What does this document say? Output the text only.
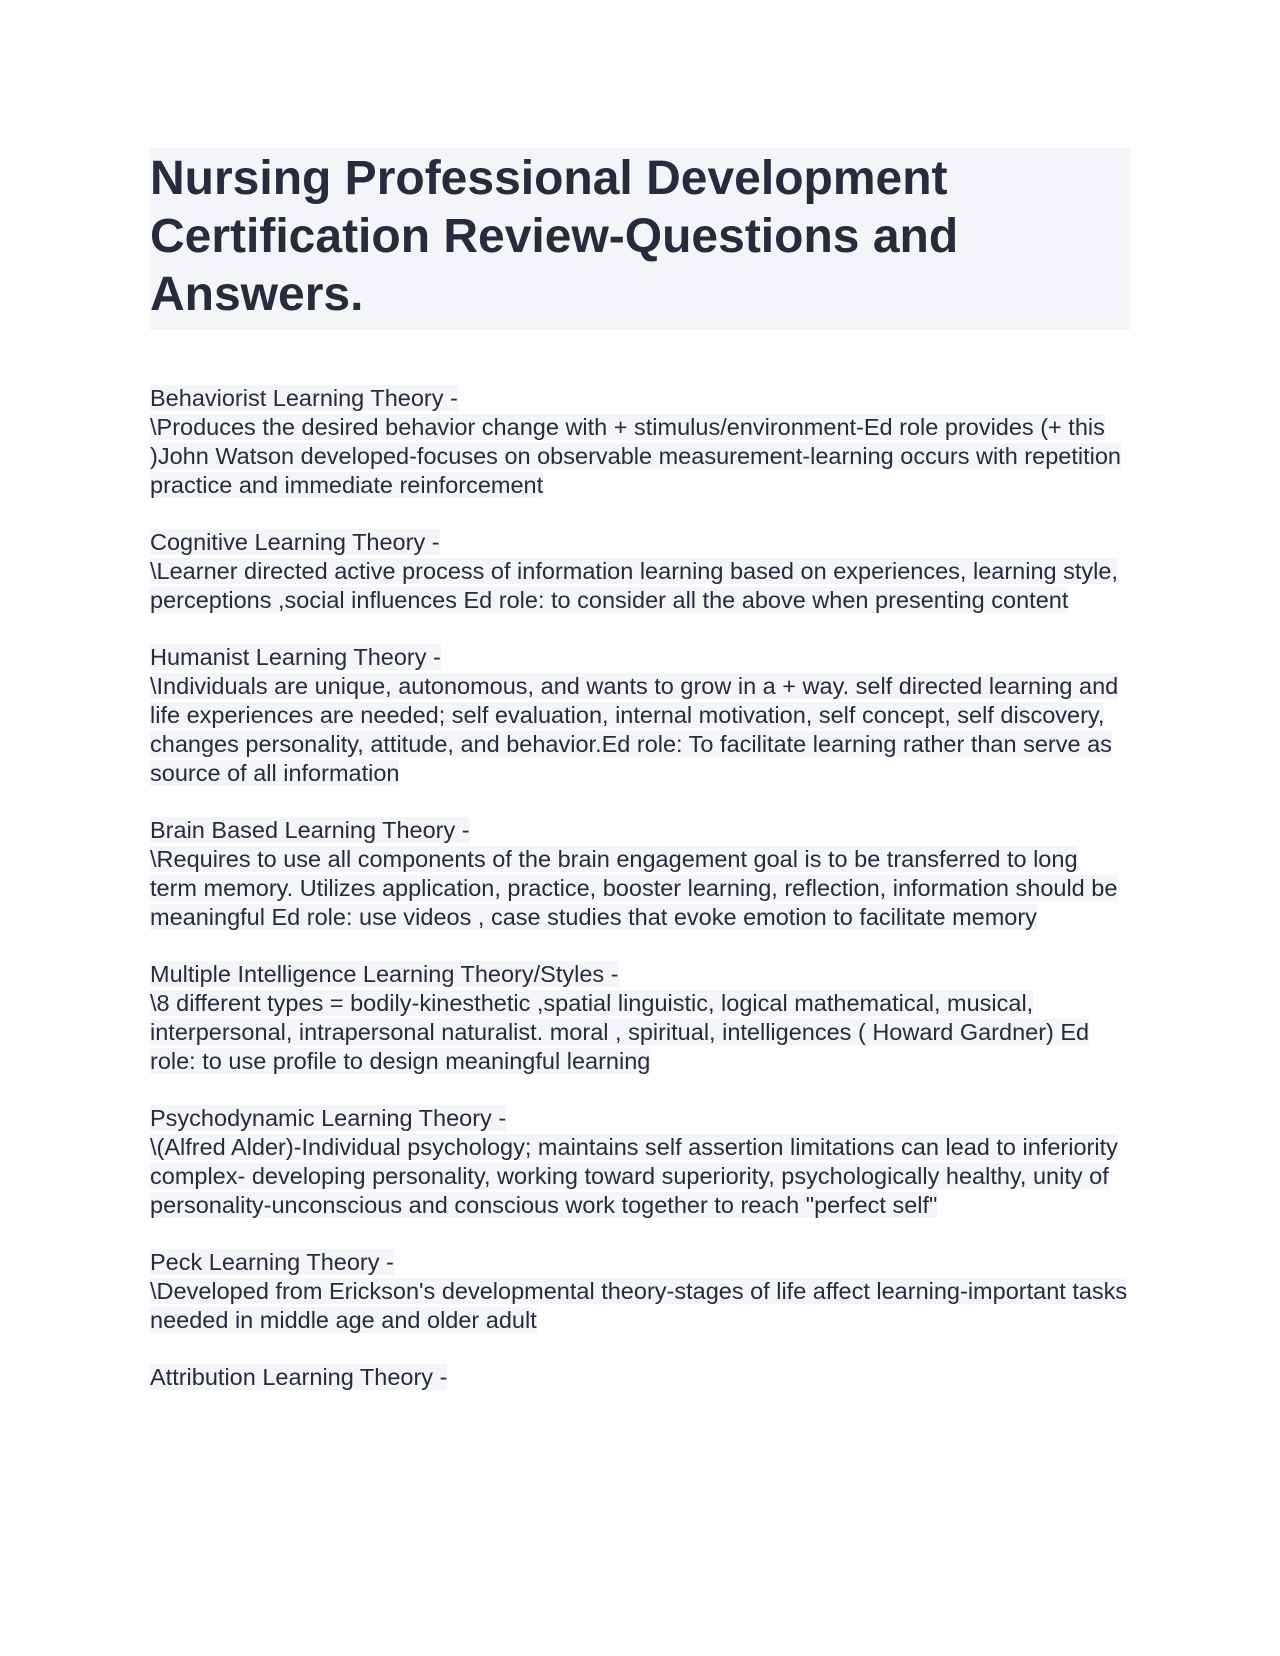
Nursing Professional Development Certification Review-Questions and Answers.
Behaviorist Learning Theory -
\Produces the desired behavior change with + stimulus/environment-Ed role provides (+ this )John Watson developed-focuses on observable measurement-learning occurs with repetition practice and immediate reinforcement
Cognitive Learning Theory -
\Learner directed active process of information learning based on experiences, learning style, perceptions ,social influences Ed role: to consider all the above when presenting content
Humanist Learning Theory -
\Individuals are unique, autonomous, and wants to grow in a + way. self directed learning and life experiences are needed; self evaluation, internal motivation, self concept, self discovery, changes personality, attitude, and behavior.Ed role: To facilitate learning rather than serve as source of all information
Brain Based Learning Theory -
\Requires to use all components of the brain engagement goal is to be transferred to long term memory. Utilizes application, practice, booster learning, reflection, information should be meaningful Ed role: use videos , case studies that evoke emotion to facilitate memory
Multiple Intelligence Learning Theory/Styles -
\8 different types = bodily-kinesthetic ,spatial linguistic, logical mathematical, musical, interpersonal, intrapersonal naturalist. moral , spiritual, intelligences ( Howard Gardner) Ed role: to use profile to design meaningful learning
Psychodynamic Learning Theory -
\(Alfred Alder)-Individual psychology; maintains self assertion limitations can lead to inferiority complex- developing personality, working toward superiority, psychologically healthy, unity of personality-unconscious and conscious work together to reach "perfect self"
Peck Learning Theory -
\Developed from Erickson's developmental theory-stages of life affect learning-important tasks needed in middle age and older adult
Attribution Learning Theory -
